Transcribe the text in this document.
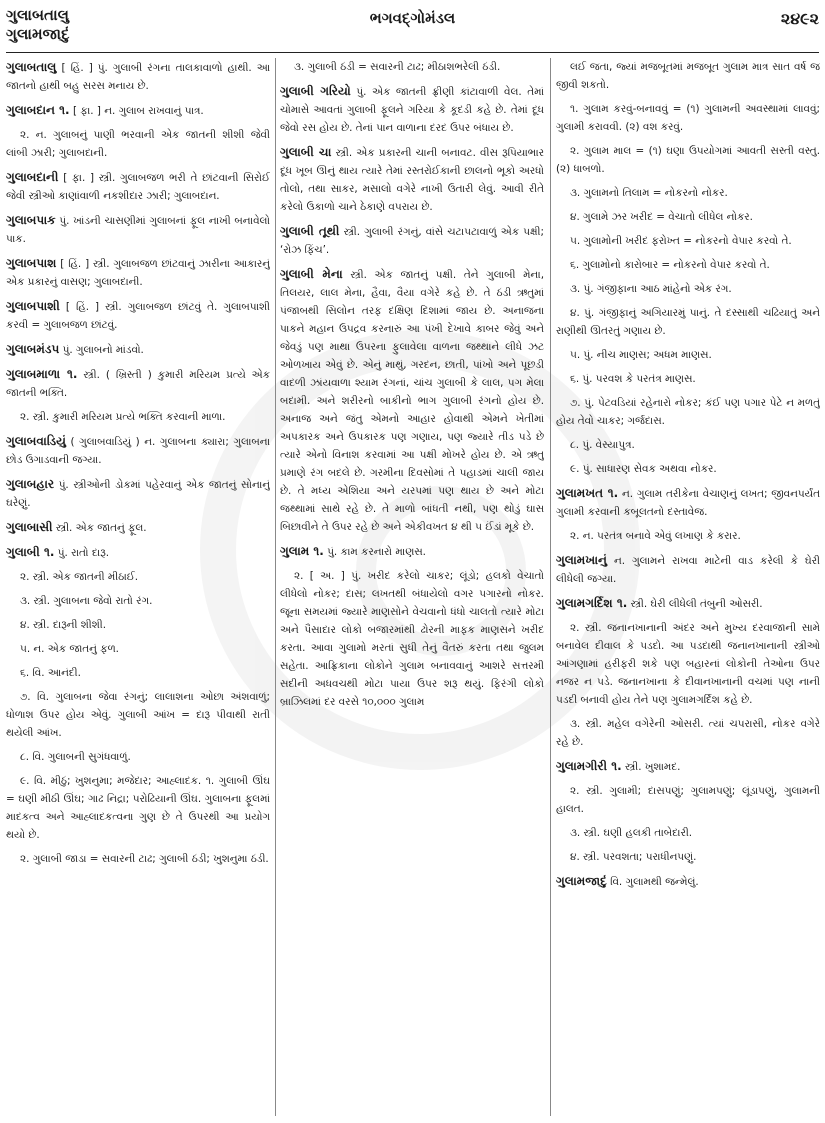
ગુલાબતાલુ
ગુલામજાદું
ભગવદ્ગોમંડલ	૨૪૯૨

ગુલાબતાલુ [ હિં. ] પું. ગુલાબી રંગના તાલકાવાળો હાથી. આ જાતનો હાથી બહુ સરસ મનાય છે.

ગુલાબદાન ૧. [ ફા. ] ન. ગુલાબ રાખવાનું પાત્ર.

૨. ન. ગુલાબનું પાણી ભરવાની એક જાતની શીશી જેવી લાંબી ઝારી; ગુલાબદાની.

ગુલાબદાની [ ફા. ] સ્ત્રી. ગુલાબજળ ભરી તે છાંટવાની સિરોઈ જેવી સ્ત્રીઓ કાણાંવાળી નકશીદાર ઝારી; ગુલાબદાન.

ગુલાબપાક પું. ખાંડની ચાસણીમાં ગુલાબનાં ફૂલ નાખી બનાવેલો પાક.

ગુલાબપાશ [ હિં. ] સ્ત્રી. ગુલાબજળ છાંટવાનું ઝારીના આકારનું એક પ્રકારનું વાસણ; ગુલાબદાની.

ગુલાબપાશી [ હિં. ] સ્ત્રી. ગુલાબજળ છાંટવું તે. ગુલાબપાશી કરવી = ગુલાબજળ છાંટવું.

ગુલાબમંડપ પું. ગુલાબનો માંડવો.

ગુલાબમાળા ૧. સ્ત્રી. ( ખ્રિસ્તી ) કુમારી મરિયમ પ્રત્યે એક જાતની ભક્તિ.

૨. સ્ત્રી. કુમારી મરિયમ પ્રત્યે ભક્તિ કરવાની માળા.

ગુલાબવાડિયું ( ગુલાબવાડિયું ) ન. ગુલાબના ક્યારા; ગુલાબના છોડ ઉગાડવાની જગ્યા.

ગુલાબહાર પું. સ્ત્રીઓની ડોકમાં પહેરવાનું એક જાતનું સોનાનું ઘરેણું.

ગુલાબાસી સ્ત્રી. એક જાતનું ફૂલ.

ગુલાબી ૧. પું. રાતો દારૂ.

૨. સ્ત્રી. એક જાતની મીઠાઈ.

૩. સ્ત્રી. ગુલાબના જેવો રાતો રંગ.

૪. સ્ત્રી. દારૂની શીશી.

૫. ન. એક જાતનું ફળ.

૬. વિ. આનંદી.

૭. વિ. ગુલાબના જેવા રંગનું; લાલાશના ઓછા અંશવાળું; ધોળાશ ઉપર હોય એવું. ગુલાબી આંખ = દારૂ પીવાથી રાતી થયેલી આંખ.

૮. વિ. ગુલાબની સુગંધવાળું.

૯. વિ. મીઠું; ખુશનુમા; મજેદાર; આહ્લાદક. ૧. ગુલાબી ઊંઘ = ઘણી મીઠી ઊંઘ; ગાઢ નિદ્રા; પરોઢિયાની ઊંઘ. ગુલાબના ફૂલમાં માદકત્વ અને આહ્લાદકત્વના ગુણ છે તે ઉપરથી આ પ્રયોગ થયો છે.

૨. ગુલાબી જાડા = સવારની ટાઢ; ગુલાબી ઠંડી; ખુશનુમા ઠંડી.

૩. ગુલાબી ઠંડી = સવારની ટાઢ; મીઠાશભરેલી ઠંડી.

ગુલાબી ગરિયો પું. એક જાતની ફ્રીણી કાંટાવાળી વેલ. તેમાં ચોમાસે આવતાં ગુલાબી ફૂલને ગરિયા કે કૂદડી કહે છે. તેમાં દૂધ જેવો રસ હોય છે. તેનાં પાન વાળાના દરદ ઉપર બંધાય છે.

ગુલાબી ચા સ્ત્રી. એક પ્રકારની ચાની બનાવટ. વીસ રૂપિયાભાર દૂધ ખૂબ ઊનું થાય ત્યારે તેમાં રસ્તરોઈકાની છાલનો ભૂકો અરધો તોલો, તથા સાકર, મસાલો વગેરે નાખી ઉતારી લેવું. આવી રીતે કરેલો ઉકાળો ચાને ઠેકાણે વપરાય છે.

ગુલાબી તૂથી સ્ત્રી. ગુલાબી રંગનું, વાંસે ચટાપટાવાળું એક પક્ષી; ‘રોઝ ફિંચ’.

ગુલાબી મેના સ્ત્રી. એક જાતનું પક્ષી. તેને ગુલાબી મેના, તિલયર, લાલ મેના, હૈવા, વૈયા વગેરે કહે છે. તે ઠંડી ઋતુમાં પંજાબથી સિલોન તરફ દક્ષિણ દિશામાં જાય છે. અનાજના પાકને મહાન ઉપદ્રવ કરનારું આ પંખી દેખાવે કાબર જેવું અને જેવડું પણ માથા ઉપરના ફુલાવેલા વાળના જથ્થાને લીધે ઝટ ઓળખાય એવું છે. એનું માથું, ગરદન, છાતી, પાંખો અને પૂછડી વાદળી ઝાંયવાળા શ્યામ રંગનાં, ચાંચ ગુલાબી કે લાલ, પગ મેલા બદામી. અને શરીરનો બાકીનો ભાગ ગુલાબી રંગનો હોય છે. અનાજ અને જંતુ એમનો આહાર હોવાથી એમને ખેતીમાં અપકારક અને ઉપકારક પણ ગણાય, પણ જ્યારે તીડ પડે છે ત્યારે એનો વિનાશ કરવામાં આ પક્ષી મોખરે હોય છે. એ ઋતુ પ્રમાણે રંગ બદલે છે. ગરમીના દિવસોમાં તે પહાડમાં ચાલી જાય છે. તે મધ્ય એશિયા અને યરપમાં પણ થાય છે અને મોટા જથ્થામાં સાથે રહે છે. તે માળો બાંધતી નથી, પણ થોડું ઘાસ બિછાવીને તે ઉપર રહે છે અને એકીવખત ૪ થી ૫ ઈંડાં મૂકે છે.

ગુલામ ૧. પું. કામ કરનારો માણસ.

૨. [ અ. ] પું. ખરીદ કરેલો ચાકર; લૂંડો; હલકો વેચાતો લીધેલો નોકર; દાસ; લખતથી બંધાયેલો વગર પગારનો નોકર. જૂના સમયમાં જ્યારે માણસોને વેચવાનો ધંધો ચાલતો ત્યારે મોટા અને પૈસાદાર લોકો બજારમાંથી ઢોરની માફક માણસને ખરીદ કરતા. આવા ગુલામો મરતાં સુધી તેનું વૈતરું કરતા તથા જુલમ સહેતા. આફ્રિકાના લોકોને ગુલામ બનાવવાનું આશરે સત્તરમી સદીની અધવચથી મોટા પાયા ઉપર શરૂ થયું. ફિરંગી લોકો બ્રાઝિલમાં દર વરસે ૧૦,૦૦૦ ગુલામ

લઈ જતા, જ્યાં મજબૂતમાં મજબૂત ગુલામ માત્ર સાત વર્ષ જ જીવી શકતો.

૧. ગુલામ કરવું-બનાવવું = (૧) ગુલામની અવસ્થામાં લાવવું; ગુલામી કરાવવી. (૨) વશ કરવું.

૨. ગુલામ માલ = (૧) ઘણા ઉપયોગમાં આવતી સસ્તી વસ્તુ. (૨) ધાબળો.

૩. ગુલામનો તિલામ = નોકરનો નોકર.

૪. ગુલામે ઝર ખરીદ = વેચાતો લીધેલ નોકર.

૫. ગુલામોની ખરીદ ફરોખ્ત = નોકરનો વેપાર કરવો તે.

૬. ગુલામોનો કારોબાર = નોકરનો વેપાર કરવો તે.

૩. પું. ગંજીફાના આઠ માંહેનો એક રંગ.

૪. પું. ગંજીફાનું અગિયારમું પાનું. તે દસ્સાથી ચઢિયાતું અને રાણીથી ઊતરતું ગણાય છે.

૫. પું. નીચ માણસ; અધમ માણસ.

૬. પું. પરવશ કે પરતંત્ર માણસ.

૭. પું. પેટવડિયાં રહેનારો નોકર; કંઈ પણ પગાર પેટે ન મળતું હોય તેવો ચાકર; ગર્જદાસ.

૮. પું. વેસ્યાપુત્ર.

૯. પું. સાધારણ સેવક અથવા નોકર.

ગુલામખત ૧. ન. ગુલામ તરીકેના વેચાણનું લખત; જીવનપર્યંત ગુલામી કરવાની કબૂલતનો દસ્તાવેજ.

૨. ન. પરતંત્ર બનાવે એવું લખાણ કે કરાર.

ગુલામખાનું ન. ગુલામને રાખવા માટેની વાડ કરેલી કે ઘેરી લીધેલી જગ્યા.

ગુલામગર્દિશ ૧. સ્ત્રી. ઘેરી લીધેલી તંબુની ઓસરી.

૨. સ્ત્રી. જનાનખાનાની અંદર અને મુખ્ય દરવાજાની સામે બનાવેલ દીવાલ કે પડદો. આ પડદાથી જનાનખાનાની સ્ત્રીઓ આંગણામાં હરીફરી શકે પણ બહારનાં લોકોની તેઓના ઉપર નજર ન પડે. જનાનખાના કે દીવાનખાનાની વચમાં પણ નાની પડદી બનાવી હોય તેને પણ ગુલામગર્દિશ કહે છે.

૩. સ્ત્રી. મહેલ વગેરેની ઓસરી. ત્યાં ચપરાસી, નોકર વગેરે રહે છે.

ગુલામગીરી ૧. સ્ત્રી. ખુશામદ.

૨. સ્ત્રી. ગુલામી; દાસપણું; ગુલામપણું; લૂંડાપણું, ગુલામની હાલત.

૩. સ્ત્રી. ઘણી હલકી તાબેદારી.

૪. સ્ત્રી. પરવશતા; પરાધીનપણું.

ગુલામજાદું વિ. ગુલામથી જન્મેલું.
